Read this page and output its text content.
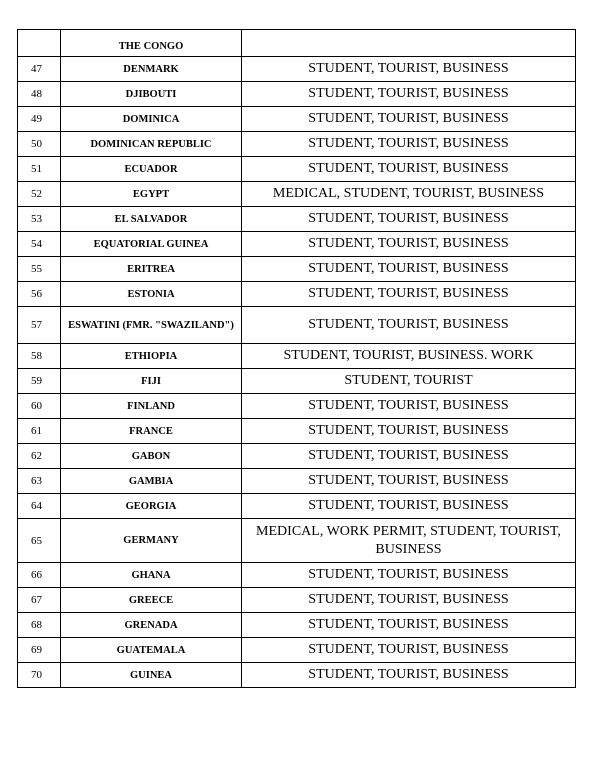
	THE CONGO	
47	DENMARK	STUDENT, TOURIST, BUSINESS
48	DJIBOUTI	STUDENT, TOURIST, BUSINESS
49	DOMINICA	STUDENT, TOURIST, BUSINESS
50	DOMINICAN REPUBLIC	STUDENT, TOURIST, BUSINESS
51	ECUADOR	STUDENT, TOURIST, BUSINESS
52	EGYPT	MEDICAL, STUDENT, TOURIST, BUSINESS
53	EL SALVADOR	STUDENT, TOURIST, BUSINESS
54	EQUATORIAL GUINEA	STUDENT, TOURIST, BUSINESS
55	ERITREA	STUDENT, TOURIST, BUSINESS
56	ESTONIA	STUDENT, TOURIST, BUSINESS
57	ESWATINI (FMR. "SWAZILAND")	STUDENT, TOURIST, BUSINESS
58	ETHIOPIA	STUDENT, TOURIST, BUSINESS. WORK
59	FIJI	STUDENT, TOURIST
60	FINLAND	STUDENT, TOURIST, BUSINESS
61	FRANCE	STUDENT, TOURIST, BUSINESS
62	GABON	STUDENT, TOURIST, BUSINESS
63	GAMBIA	STUDENT, TOURIST, BUSINESS
64	GEORGIA	STUDENT, TOURIST, BUSINESS
65	GERMANY	MEDICAL, WORK PERMIT, STUDENT, TOURIST, BUSINESS
66	GHANA	STUDENT, TOURIST, BUSINESS
67	GREECE	STUDENT, TOURIST, BUSINESS
68	GRENADA	STUDENT, TOURIST, BUSINESS
69	GUATEMALA	STUDENT, TOURIST, BUSINESS
70	GUINEA	STUDENT, TOURIST, BUSINESS
